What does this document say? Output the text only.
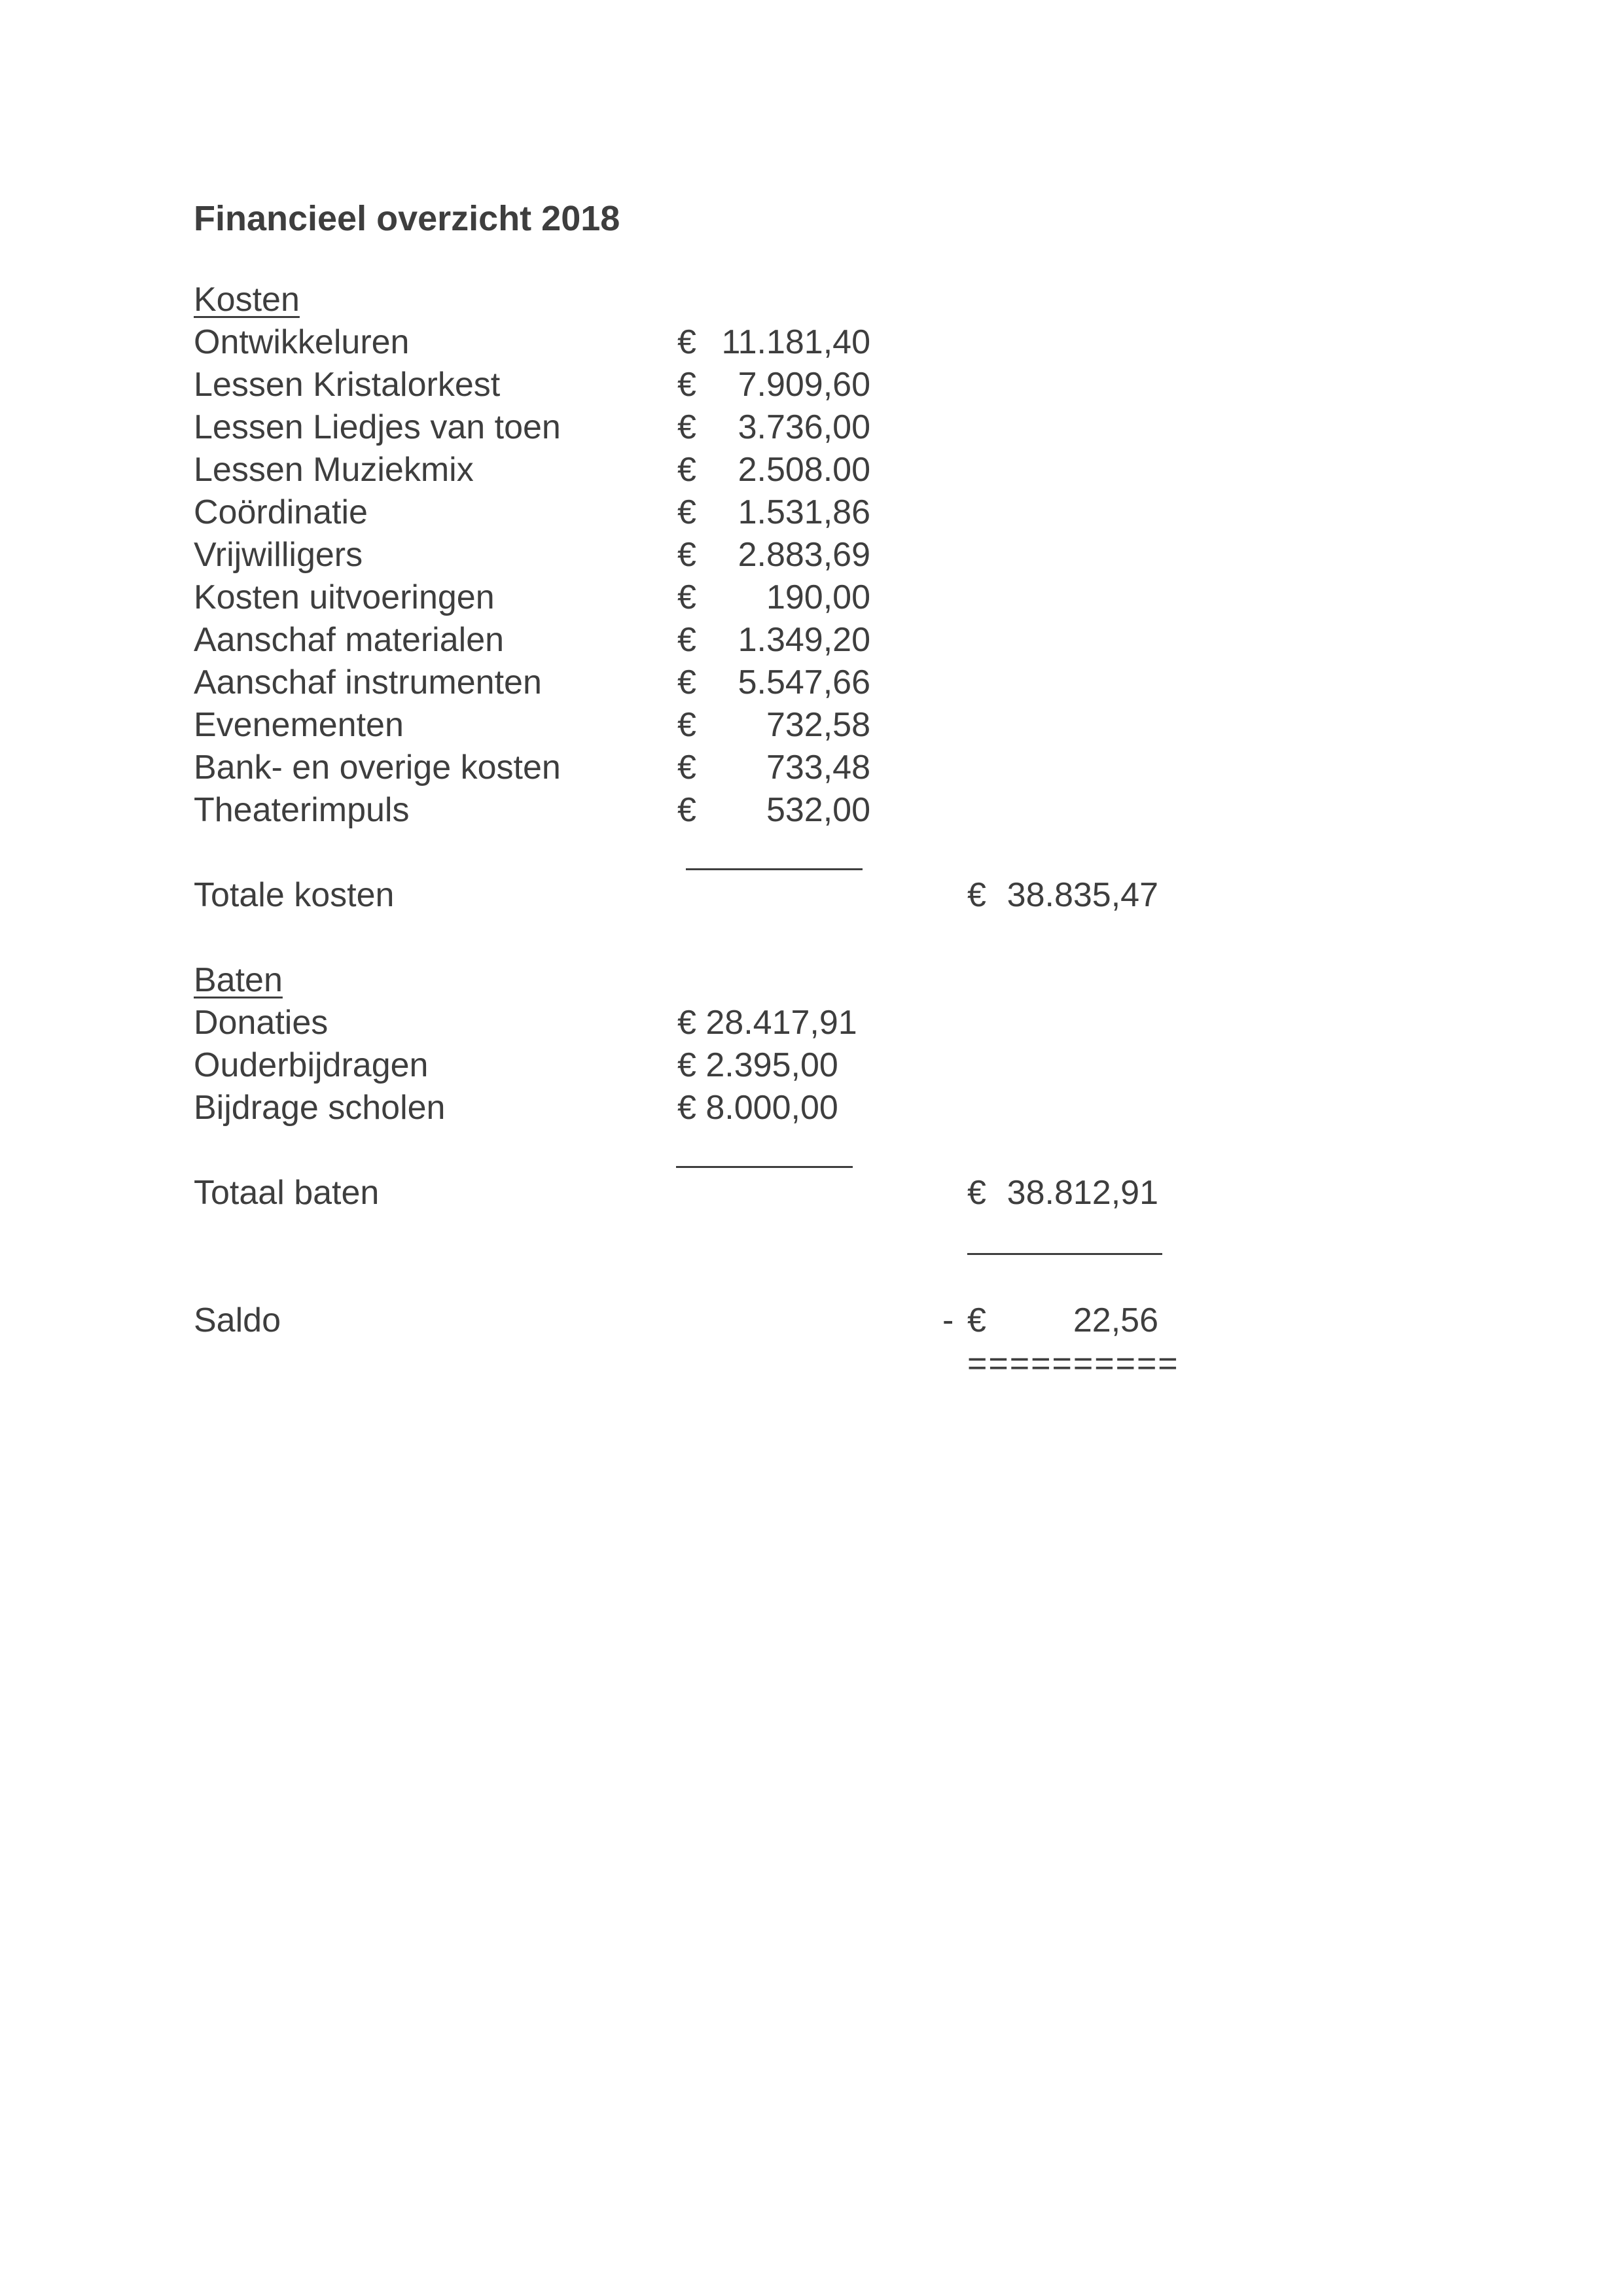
Financieel overzicht 2018
Kosten
Ontwikkeluren	€ 11.181,40
Lessen Kristalorkest	€	7.909,60
Lessen Liedjes van toen	€	3.736,00
Lessen Muziekmix	€	2.508.00
Coördinatie	€	1.531,86
Vrijwilligers	€	2.883,69
Kosten uitvoeringen	€	190,00
Aanschaf materialen	€	1.349,20
Aanschaf instrumenten	€	5.547,66
Evenementen	€	732,58
Bank- en overige kosten	€	733,48
Theaterimpuls	€	532,00
Totale kosten	€ 38.835,47
Baten
Donaties	€ 28.417,91
Ouderbijdragen	€ 2.395,00
Bijdrage scholen	€ 8.000,00
Totaal baten	€ 38.812,91
Saldo	- €	22,56
==========
